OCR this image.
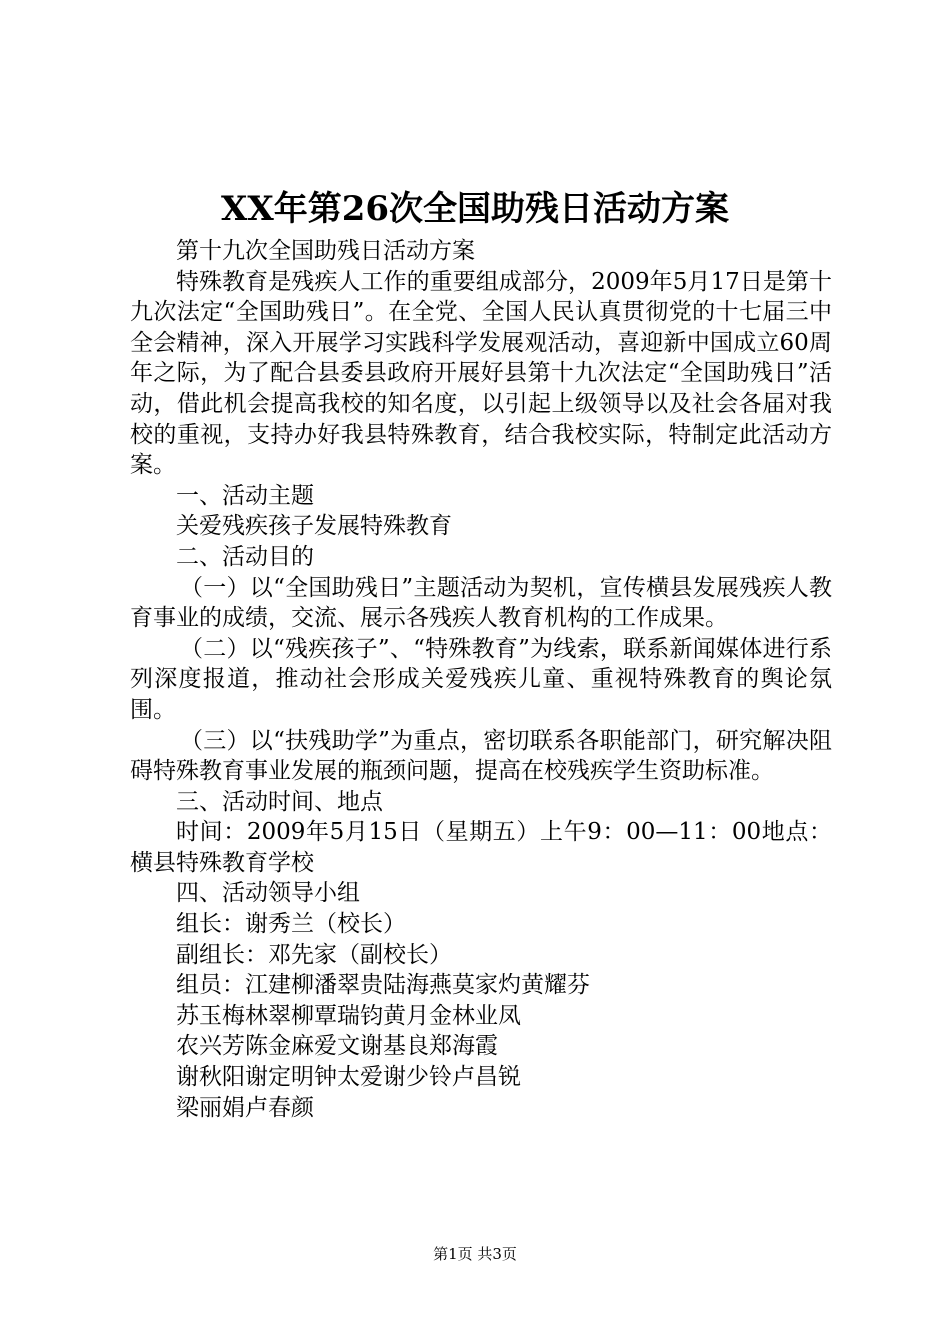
XX年第26次全国助残日活动方案

第十九次全国助残日活动方案

特殊教育是残疾人工作的重要组成部分，2009年5月17日是第十九次法定“全国助残日”。在全党、全国人民认真贯彻党的十七届三中全会精神，深入开展学习实践科学发展观活动，喜迎新中国成立60周年之际，为了配合县委县政府开展好县第十九次法定“全国助残日”活动，借此机会提高我校的知名度，以引起上级领导以及社会各届对我校的重视，支持办好我县特殊教育，结合我校实际，特制定此活动方案。

一、活动主题

关爱残疾孩子发展特殊教育

二、活动目的

（一）以“全国助残日”主题活动为契机，宣传横县发展残疾人教育事业的成绩，交流、展示各残疾人教育机构的工作成果。

（二）以“残疾孩子”、“特殊教育”为线索，联系新闻媒体进行系列深度报道，推动社会形成关爱残疾儿童、重视特殊教育的舆论氛围。

（三）以“扶残助学”为重点，密切联系各职能部门，研究解决阻碍特殊教育事业发展的瓶颈问题，提高在校残疾学生资助标准。

三、活动时间、地点

时间：2009年5月15日（星期五）上午9：00—11：00地点：横县特殊教育学校

四、活动领导小组

组长：谢秀兰（校长）

副组长：邓先家（副校长）

组员：江建柳潘翠贵陆海燕莫家灼黄耀芬

苏玉梅林翠柳覃瑞钧黄月金林业凤

农兴芳陈金麻爱文谢基良郑海霞

谢秋阳谢定明钟太爱谢少铃卢昌锐

梁丽娟卢春颜

第1页 共3页
